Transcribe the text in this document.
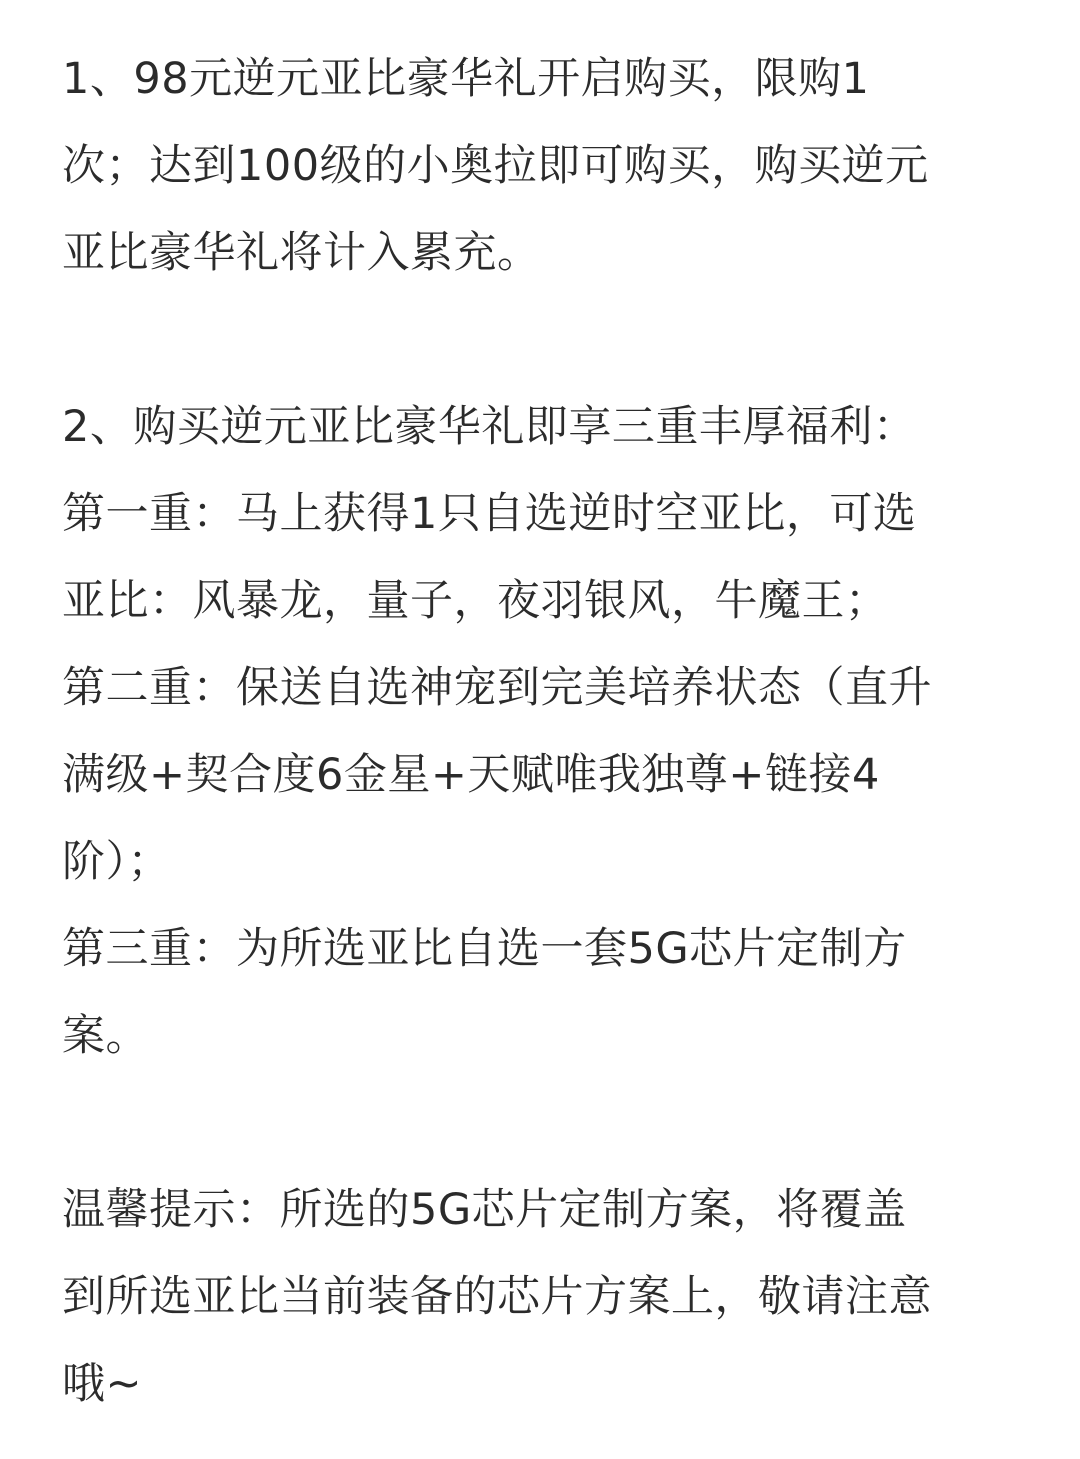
1、98元逆元亚比豪华礼开启购买，限购1
次；达到100级的小奥拉即可购买，购买逆元
亚比豪华礼将计入累充。
2、购买逆元亚比豪华礼即享三重丰厚福利：
第一重：马上获得1只自选逆时空亚比，可选
亚比：风暴龙，量子，夜羽银风，牛魔王；
第二重：保送自选神宠到完美培养状态（直升
满级+契合度6金星+天赋唯我独尊+链接4
阶）；
第三重：为所选亚比自选一套5G芯片定制方
案。
温馨提示：所选的5G芯片定制方案，将覆盖
到所选亚比当前装备的芯片方案上，敬请注意
哦~
